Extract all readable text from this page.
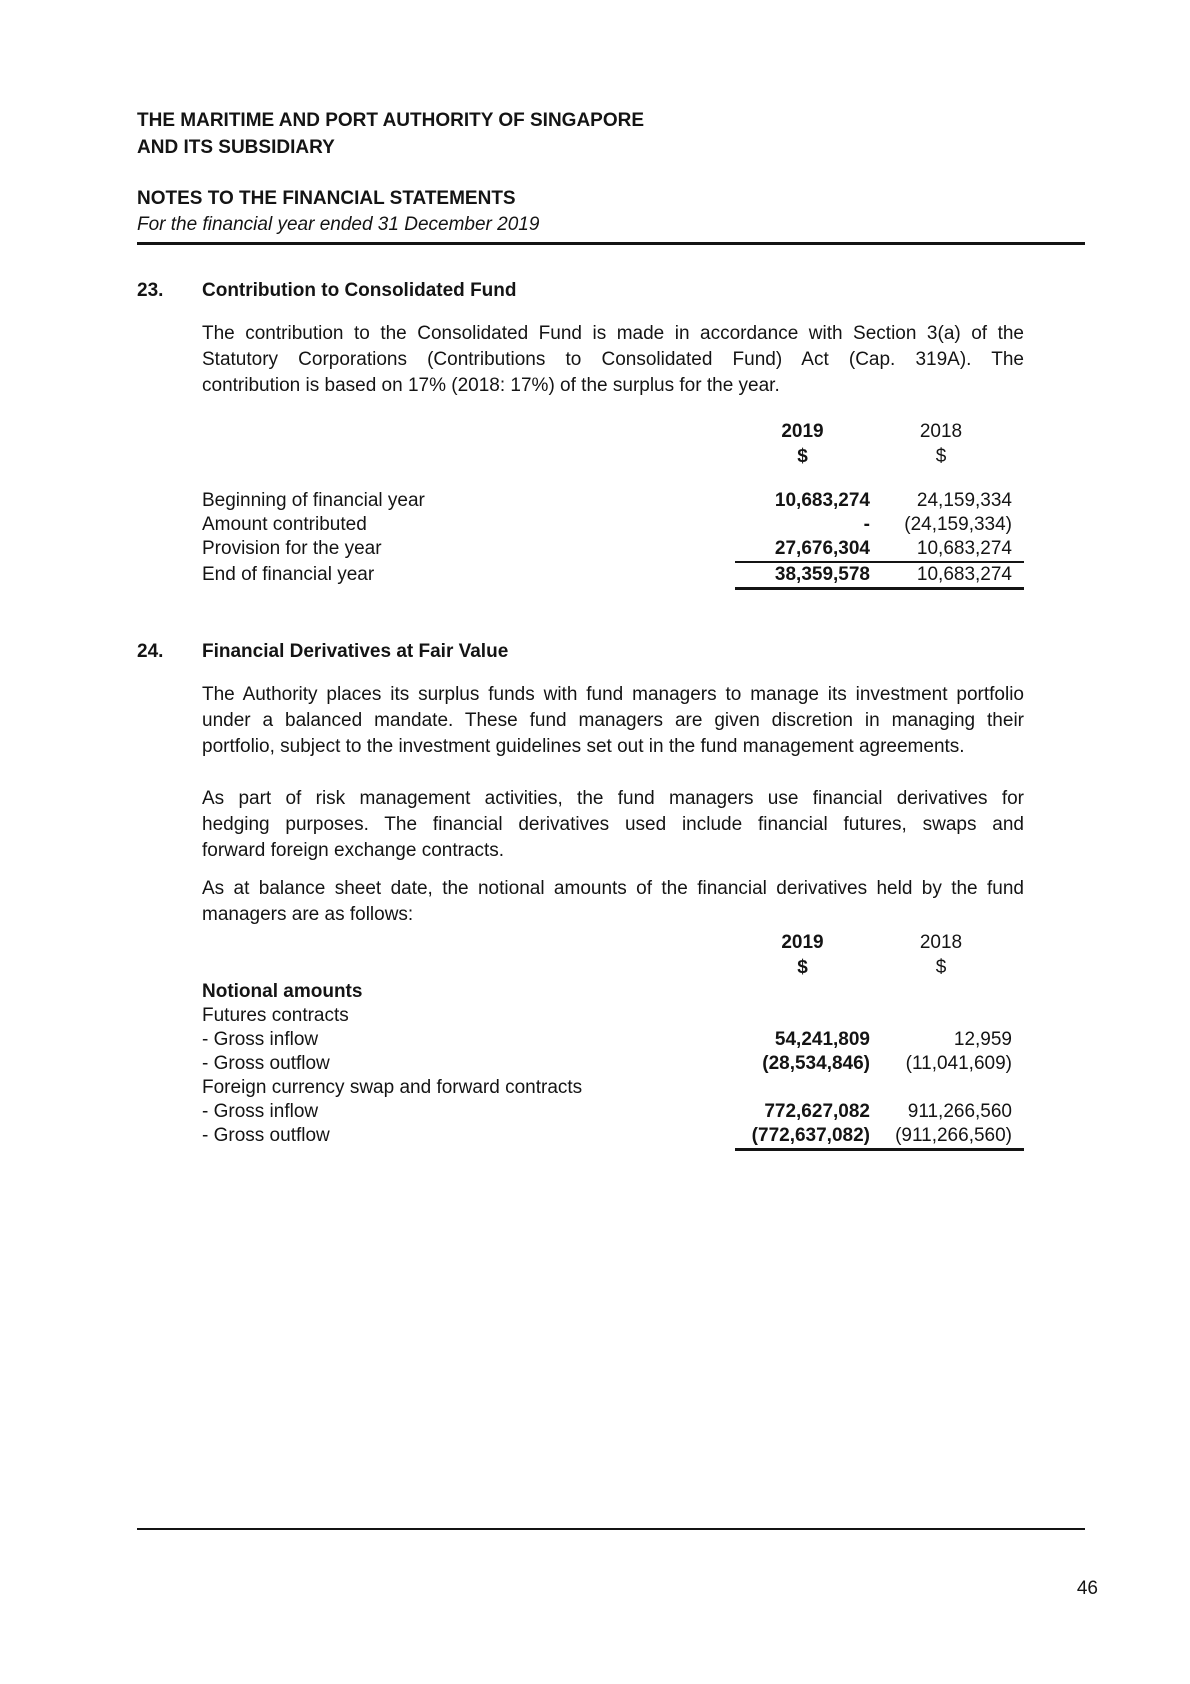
THE MARITIME AND PORT AUTHORITY OF SINGAPORE
AND ITS SUBSIDIARY
NOTES TO THE FINANCIAL STATEMENTS
For the financial year ended 31 December 2019
23.	Contribution to Consolidated Fund
The contribution to the Consolidated Fund is made in accordance with Section 3(a) of the
Statutory Corporations (Contributions to Consolidated Fund) Act (Cap. 319A). The
contribution is based on 17% (2018: 17%) of the surplus for the year.
2019	2018
$	$
Beginning of financial year	10,683,274	24,159,334
Amount contributed	-	(24,159,334)
Provision for the year	27,676,304	10,683,274
End of financial year	38,359,578	10,683,274
24.	Financial Derivatives at Fair Value
The Authority places its surplus funds with fund managers to manage its investment portfolio
under a balanced mandate. These fund managers are given discretion in managing their
portfolio, subject to the investment guidelines set out in the fund management agreements.
As part of risk management activities, the fund managers use financial derivatives for
hedging purposes. The financial derivatives used include financial futures, swaps and
forward foreign exchange contracts.
As at balance sheet date, the notional amounts of the financial derivatives held by the fund
managers are as follows:
2019	2018
$	$
Notional amounts
Futures contracts
- Gross inflow	54,241,809	12,959
- Gross outflow	(28,534,846)	(11,041,609)
Foreign currency swap and forward contracts
- Gross inflow	772,627,082	911,266,560
- Gross outflow	(772,637,082)	(911,266,560)
46
